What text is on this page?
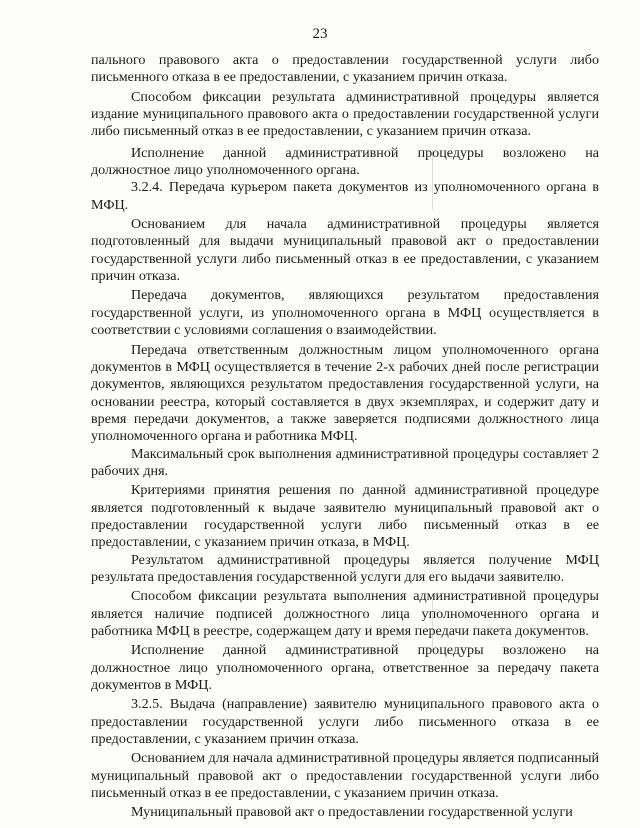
23

пального правового акта о предоставлении государственной услуги либо письменного отказа в ее предоставлении, с указанием причин отказа.

Способом фиксации результата административной процедуры является издание муниципального правового акта о предоставлении государственной услуги либо письменный отказ в ее предоставлении, с указанием причин отказа.

Исполнение данной административной процедуры возложено на должностное лицо уполномоченного органа.

3.2.4. Передача курьером пакета документов из уполномоченного органа в МФЦ.

Основанием для начала административной процедуры является подготовленный для выдачи муниципальный правовой акт о предоставлении государственной услуги либо письменный отказ в ее предоставлении, с указанием причин отказа.

Передача документов, являющихся результатом предоставления государственной услуги, из уполномоченного органа в МФЦ осуществляется в соответствии с условиями соглашения о взаимодействии.

Передача ответственным должностным лицом уполномоченного органа документов в МФЦ осуществляется в течение 2-х рабочих дней после регистрации документов, являющихся результатом предоставления государственной услуги, на основании реестра, который составляется в двух экземплярах, и содержит дату и время передачи документов, а также заверяется подписями должностного лица уполномоченного органа и работника МФЦ.

Максимальный срок выполнения административной процедуры составляет 2 рабочих дня.

Критериями принятия решения по данной административной процедуре является подготовленный к выдаче заявителю муниципальный правовой акт о предоставлении государственной услуги либо письменный отказ в ее предоставлении, с указанием причин отказа, в МФЦ.

Результатом административной процедуры является получение МФЦ результата предоставления государственной услуги для его выдачи заявителю.

Способом фиксации результата выполнения административной процедуры является наличие подписей должностного лица уполномоченного органа и работника МФЦ в реестре, содержащем дату и время передачи пакета документов.

Исполнение данной административной процедуры возложено на должностное лицо уполномоченного органа, ответственное за передачу пакета документов в МФЦ.

3.2.5. Выдача (направление) заявителю муниципального правового акта о предоставлении государственной услуги либо письменного отказа в ее предоставлении, с указанием причин отказа.

Основанием для начала административной процедуры является подписанный муниципальный правовой акт о предоставлении государственной услуги либо письменный отказ в ее предоставлении, с указанием причин отказа.

Муниципальный правовой акт о предоставлении государственной услуги
